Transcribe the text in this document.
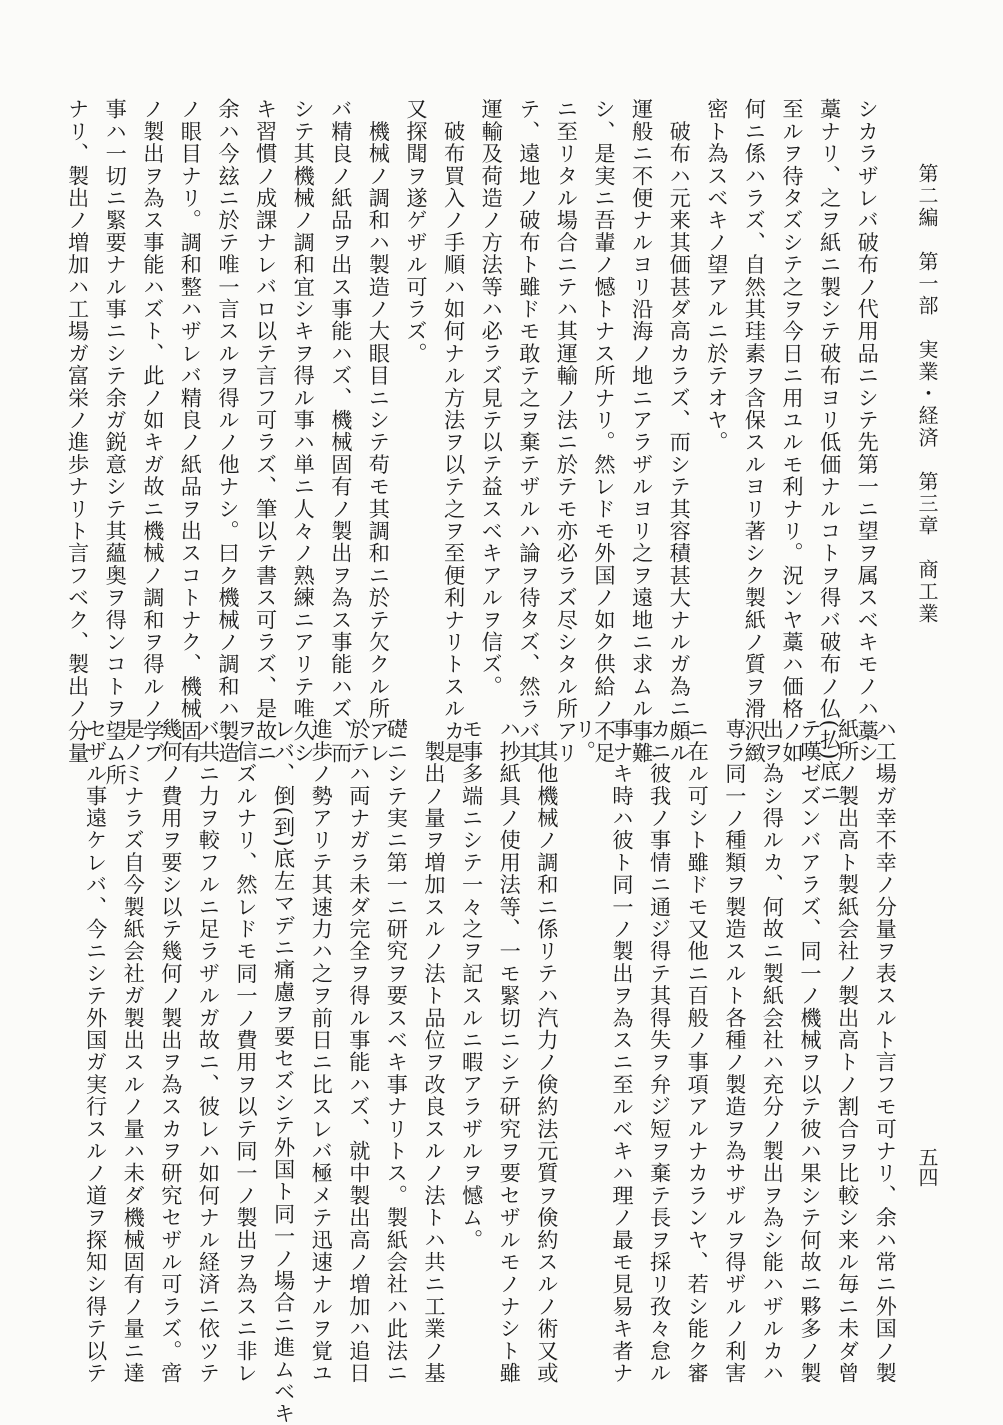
第二編　第一部　実業・経済　第三章　商工業
五四
シカラザレバ破布ノ代用品ニシテ先第一ニ望ヲ属スベキモノハ藁シ
藁ナリ、之ヲ紙ニ製シテ破布ヨリ低価ナルコトヲ得バ破布ノ仏(払)底ニ
至ルヲ待タズシテ之ヲ今日ニ用ユルモ利ナリ。況ンヤ藁ハ価格ノ如
何ニ係ハラズ、自然其珪素ヲ含保スルヨリ著シク製紙ノ質ヲ滑沢緻
密ト為スベキノ望アルニ於テオヤ。
　破布ハ元来其価甚ダ高カラズ、而シテ其容積甚大ナルガ為ニ頗ル
運般ニ不便ナルヨリ沿海ノ地ニアラザルヨリ之ヲ遠地ニ求ムル事難
シ、是実ニ吾輩ノ憾トナス所ナリ。然レドモ外国ノ如ク供給ノ不足
ニ至リタル場合ニテハ其運輸ノ法ニ於テモ亦必ラズ尽シタル所アリ
テ、遠地ノ破布ト雖ドモ敢テ之ヲ棄テザルハ論ヲ待タズ、然ラバ其
運輸及荷造ノ方法等ハ必ラズ見テ以テ益スベキアルヲ信ズ。
　破布買入ノ手順ハ如何ナル方法ヲ以テ之ヲ至便利ナリトスルカ是
又探聞ヲ遂ゲザル可ラズ。
　機械ノ調和ハ製造ノ大眼目ニシテ苟モ其調和ニ於テ欠クル所アレ
バ精良ノ紙品ヲ出ス事能ハズ、機械固有ノ製出ヲ為ス事能ハズ、而
シテ其機械ノ調和宜シキヲ得ル事ハ単ニ人々ノ熟練ニアリテ唯久シ
キ習慣ノ成課ナレバロ以テ言フ可ラズ、筆以テ書ス可ラズ、是故ニ
余ハ今玆ニ於テ唯一言スルヲ得ルノ他ナシ。曰ク機械ノ調和ハ製造
ノ眼目ナリ。調和整ハザレバ精良ノ紙品ヲ出スコトナク、機械固有
ノ製出ヲ為ス事能ハズト、此ノ如キガ故ニ機械ノ調和ヲ得ルノ学ブ
事ハ一切ニ緊要ナル事ニシテ余ガ鋭意シテ其蘊奥ヲ得ンコトヲ望ム所
ナリ、製出ノ増加ハ工場ガ富栄ノ進歩ナリト言フベク、製出ノ分量
ハ工場ガ幸不幸ノ分量ヲ表スルト言フモ可ナリ、余ハ常ニ外国ノ製
紙所ノ製出高ト製紙会社ノ製出高トノ割合ヲ比較シ来ル毎ニ未ダ曾
テ嘆ゼズンバアラズ、同一ノ機械ヲ以テ彼ハ果シテ何故ニ夥多ノ製
出ヲ為シ得ルカ、何故ニ製紙会社ハ充分ノ製出ヲ為シ能ハザルカハ
専ラ同一ノ種類ヲ製造スルト各種ノ製造ヲ為サザルヲ得ザルノ利害
ニ在ル可シト雖ドモ又他ニ百般ノ事項アルナカランヤ、若シ能ク審
カニ彼我ノ事情ニ通ジ得テ其得失ヲ弁ジ短ヲ棄テ長ヲ採リ孜々怠ル
事ナキ時ハ彼ト同一ノ製出ヲ為スニ至ルベキハ理ノ最モ見易キ者ナ
リ。
　其他機械ノ調和ニ係リテハ汽力ノ倹約法元質ヲ倹約スルノ術又或
ハ抄紙具ノ使用法等、一モ緊切ニシテ研究ヲ要セザルモノナシト雖
モ事多端ニシテ一々之ヲ記スルニ暇アラザルヲ憾ム。
　製出ノ量ヲ増加スルノ法ト品位ヲ改良スルノ法トハ共ニ工業ノ基
礎ニシテ実ニ第一ニ研究ヲ要スベキ事ナリトス。製紙会社ハ此法ニ
於テハ両ナガラ未ダ完全ヲ得ル事能ハズ、就中製出高ノ増加ハ追日
進歩ノ勢アリテ其速力ハ之ヲ前日ニ比スレバ極メテ迅速ナルヲ覚ユ
レバ、倒(到)底左マデニ痛慮ヲ要セズシテ外国ト同一ノ場合ニ進ムベキ
ヲ信ズルナリ、然レドモ同一ノ費用ヲ以テ同一ノ製出ヲ為スニ非レ
バ共ニ力ヲ較フルニ足ラザルガ故ニ、彼レハ如何ナル経済ニ依ツテ
幾何ノ費用ヲ要シ以テ幾何ノ製出ヲ為スカヲ研究セザル可ラズ。啻
是ノミナラズ自今製紙会社ガ製出スルノ量ハ未ダ機械固有ノ量ニ達
セザル事遠ケレバ、今ニシテ外国ガ実行スルノ道ヲ探知シ得テ以テ
